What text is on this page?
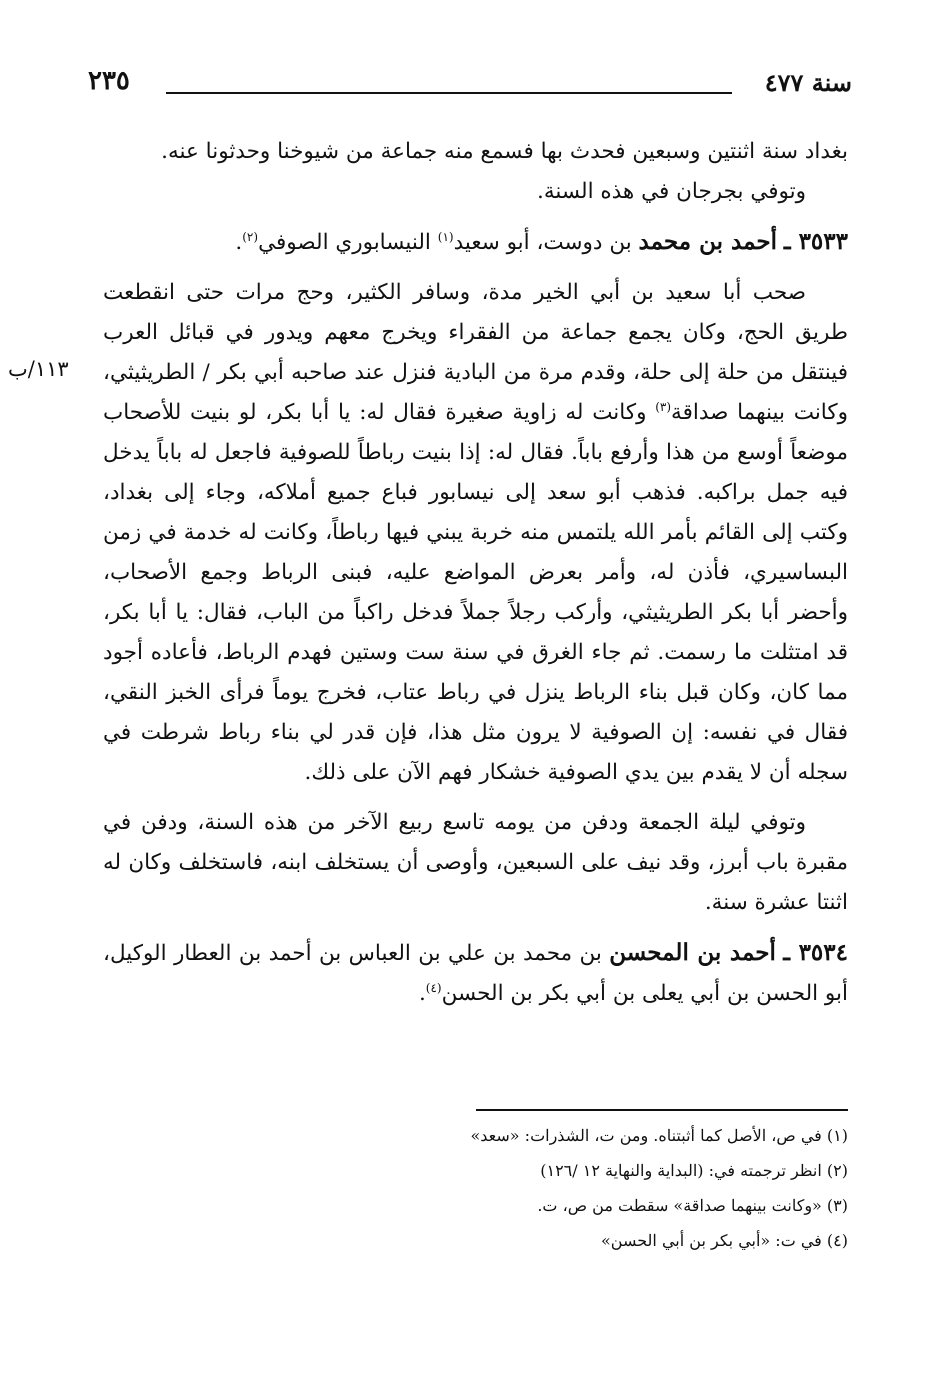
سنة ٤٧٧
٢٣٥
١١٣/ب

بغداد سنة اثنتين وسبعين فحدث بها فسمع منه جماعة من شيوخنا وحدثونا عنه.

وتوفي بجرجان في هذه السنة.

٣٥٣٣ ـ أحمد بن محمد بن دوست، أبو سعيد$^{(١)}$ النيسابوري الصوفي$^{(٢)}$.

صحب أبا سعيد بن أبي الخير مدة، وسافر الكثير، وحج مرات حتى انقطعت طريق الحج، وكان يجمع جماعة من الفقراء ويخرج معهم ويدور في قبائل العرب فينتقل من حلة إلى حلة، وقدم مرة من البادية فنزل عند صاحبه أبي بكر / الطريثيثي، وكانت بينهما صداقة$^{(٣)}$ وكانت له زاوية صغيرة فقال له: يا أبا بكر، لو بنيت للأصحاب موضعاً أوسع من هذا وأرفع باباً. فقال له: إذا بنيت رباطاً للصوفية فاجعل له باباً يدخل فيه جمل براكبه. فذهب أبو سعد إلى نيسابور فباع جميع أملاكه، وجاء إلى بغداد، وكتب إلى القائم بأمر الله يلتمس منه خربة يبني فيها رباطاً، وكانت له خدمة في زمن البساسيري، فأذن له، وأمر بعرض المواضع عليه، فبنى الرباط وجمع الأصحاب، وأحضر أبا بكر الطريثيثي، وأركب رجلاً جملاً فدخل راكباً من الباب، فقال: يا أبا بكر، قد امتثلت ما رسمت. ثم جاء الغرق في سنة ست وستين فهدم الرباط، فأعاده أجود مما كان، وكان قبل بناء الرباط ينزل في رباط عتاب، فخرج يوماً فرأى الخبز النقي، فقال في نفسه: إن الصوفية لا يرون مثل هذا، فإن قدر لي بناء رباط شرطت في سجله أن لا يقدم بين يدي الصوفية خشكار فهم الآن على ذلك.

وتوفي ليلة الجمعة ودفن من يومه تاسع ربيع الآخر من هذه السنة، ودفن في مقبرة باب أبرز، وقد نيف على السبعين، وأوصى أن يستخلف ابنه، فاستخلف وكان له اثنتا عشرة سنة.

٣٥٣٤ ـ أحمد بن المحسن بن محمد بن علي بن العباس بن أحمد بن العطار الوكيل، أبو الحسن بن أبي يعلى بن أبي بكر بن الحسن$^{(٤)}$.

(١) في ص، الأصل كما أثبتناه. ومن ت، الشذرات: «سعد»
(٢) انظر ترجمته في: (البداية والنهاية ١٢ /١٢٦)
(٣) «وكانت بينهما صداقة» سقطت من ص، ت.
(٤) في ت: «أبي بكر بن أبي الحسن»
